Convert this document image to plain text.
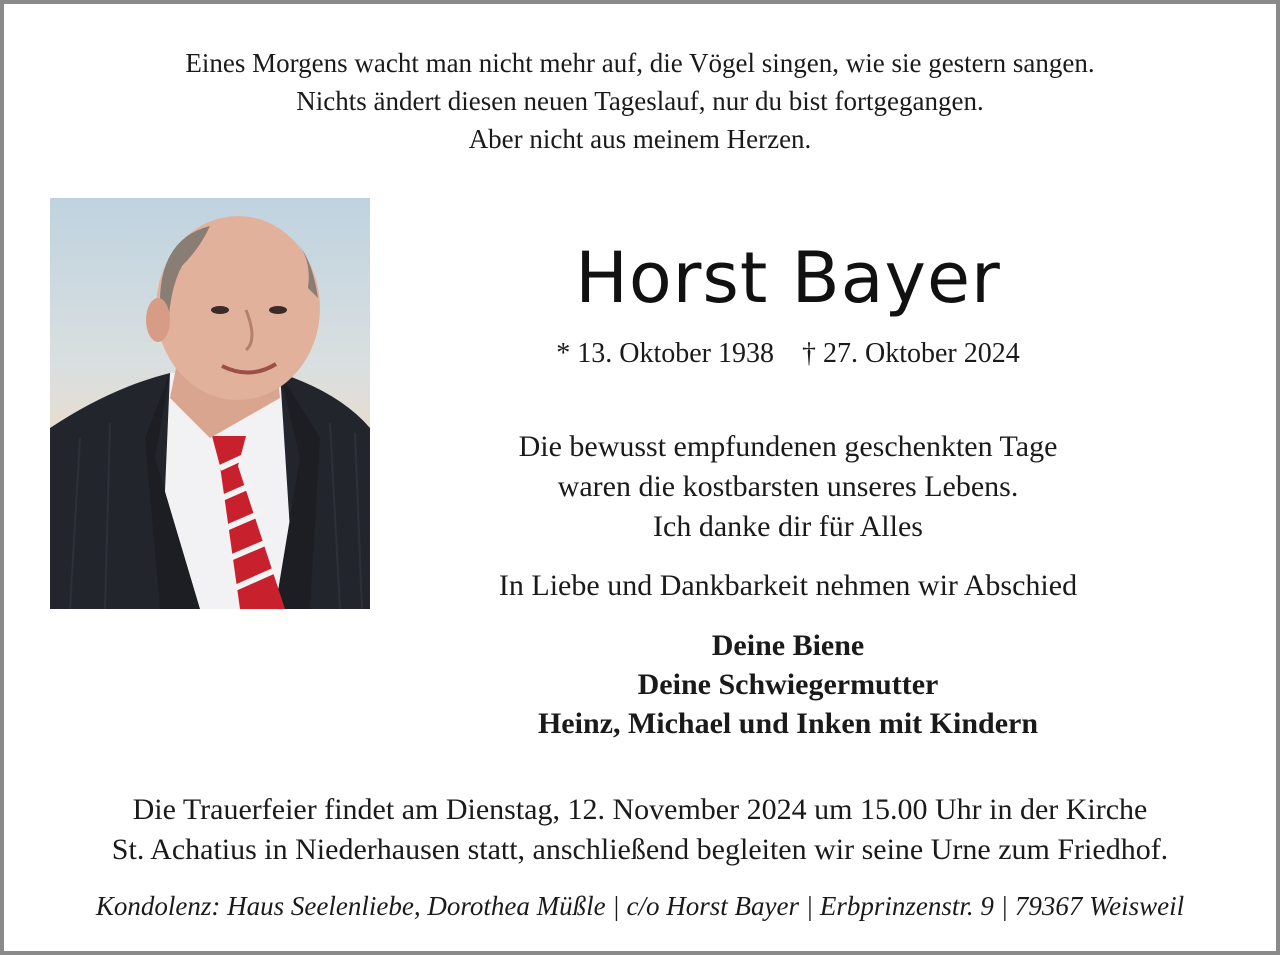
Eines Morgens wacht man nicht mehr auf, die Vögel singen, wie sie gestern sangen.
Nichts ändert diesen neuen Tageslauf, nur du bist fortgegangen.
Aber nicht aus meinem Herzen.
Horst Bayer
* 13. Oktober 1938 † 27. Oktober 2024
Die bewusst empfundenen geschenkten Tage
waren die kostbarsten unseres Lebens.
Ich danke dir für Alles
In Liebe und Dankbarkeit nehmen wir Abschied
Deine Biene
Deine Schwiegermutter
Heinz, Michael und Inken mit Kindern
Die Trauerfeier findet am Dienstag, 12. November 2024 um 15.00 Uhr in der Kirche
St. Achatius in Niederhausen statt, anschließend begleiten wir seine Urne zum Friedhof.
Kondolenz: Haus Seelenliebe, Dorothea Müßle | c/o Horst Bayer | Erbprinzenstr. 9 | 79367 Weisweil
